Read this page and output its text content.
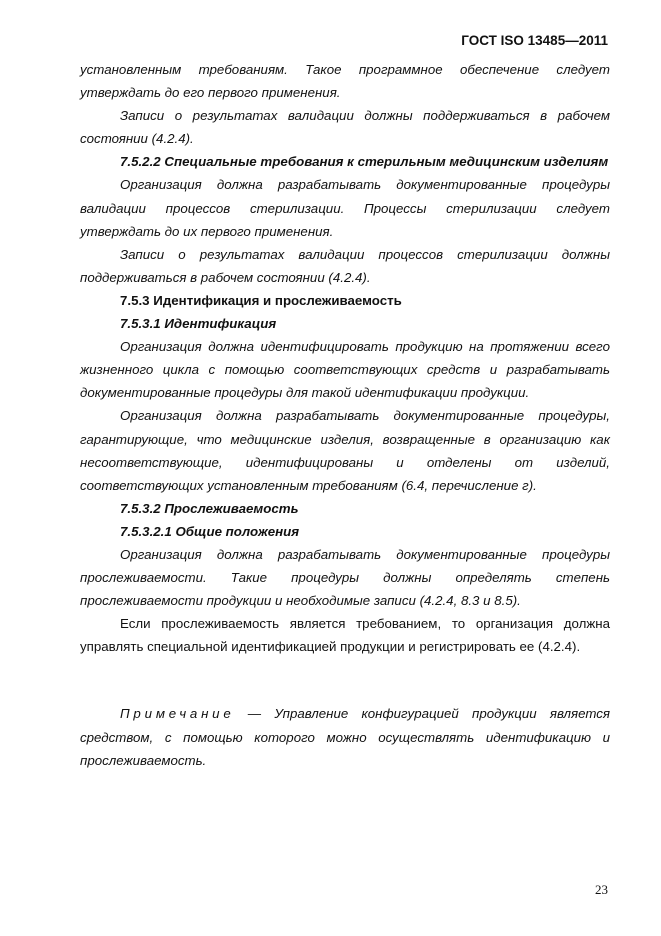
ГОСТ ISO 13485—2011

установленным требованиям. Такое программное обеспечение следует утверждать до его первого применения.

Записи о результатах валидации должны поддерживаться в рабочем состоянии (4.2.4).

7.5.2.2 Специальные требования к стерильным медицинским изделиям

Организация должна разрабатывать документированные процедуры валидации процессов стерилизации. Процессы стерилизации следует утверждать до их первого применения.

Записи о результатах валидации процессов стерилизации должны поддерживаться в рабочем состоянии (4.2.4).

7.5.3 Идентификация и прослеживаемость

7.5.3.1 Идентификация

Организация должна идентифицировать продукцию на протяжении всего жизненного цикла с помощью соответствующих средств и разрабатывать документированные процедуры для такой идентификации продукции.

Организация должна разрабатывать документированные процедуры, гарантирующие, что медицинские изделия, возвращенные в организацию как несоответствующие, идентифицированы и отделены от изделий, соответствующих установленным требованиям (6.4, перечисление г).

7.5.3.2 Прослеживаемость

7.5.3.2.1 Общие положения

Организация должна разрабатывать документированные процедуры прослеживаемости. Такие процедуры должны определять степень прослеживаемости продукции и необходимые записи (4.2.4, 8.3 и 8.5).

Если прослеживаемость является требованием, то организация должна управлять специальной идентификацией продукции и регистрировать ее (4.2.4).

Примечание — Управление конфигурацией продукции является средством, с помощью которого можно осуществлять идентификацию и прослеживаемость.

23
